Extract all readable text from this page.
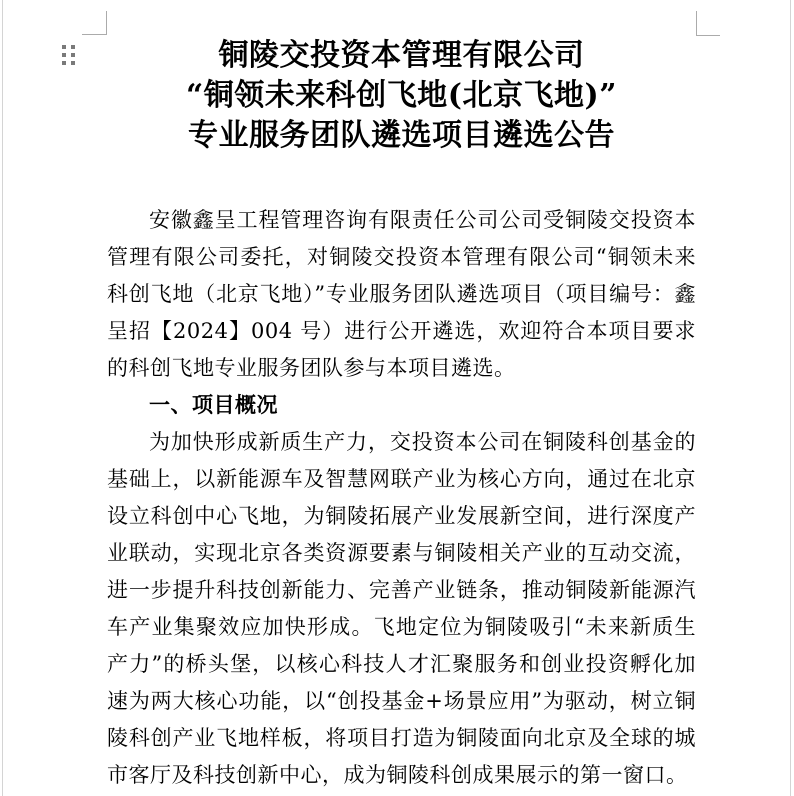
铜陵交投资本管理有限公司
“铜领未来科创飞地(北京飞地)”
专业服务团队遴选项目遴选公告

安徽鑫呈工程管理咨询有限责任公司公司受铜陵交投资本管理有限公司委托，对铜陵交投资本管理有限公司“铜领未来科创飞地（北京飞地）”专业服务团队遴选项目（项目编号：鑫呈招【2024】004 号）进行公开遴选，欢迎符合本项目要求的科创飞地专业服务团队参与本项目遴选。

一、项目概况

为加快形成新质生产力，交投资本公司在铜陵科创基金的基础上，以新能源车及智慧网联产业为核心方向，通过在北京设立科创中心飞地，为铜陵拓展产业发展新空间，进行深度产业联动，实现北京各类资源要素与铜陵相关产业的互动交流，进一步提升科技创新能力、完善产业链条，推动铜陵新能源汽车产业集聚效应加快形成。飞地定位为铜陵吸引“未来新质生产力”的桥头堡，以核心科技人才汇聚服务和创业投资孵化加速为两大核心功能，以“创投基金+场景应用”为驱动，树立铜陵科创产业飞地样板，将项目打造为铜陵面向北京及全球的城市客厅及科技创新中心，成为铜陵科创成果展示的第一窗口。
